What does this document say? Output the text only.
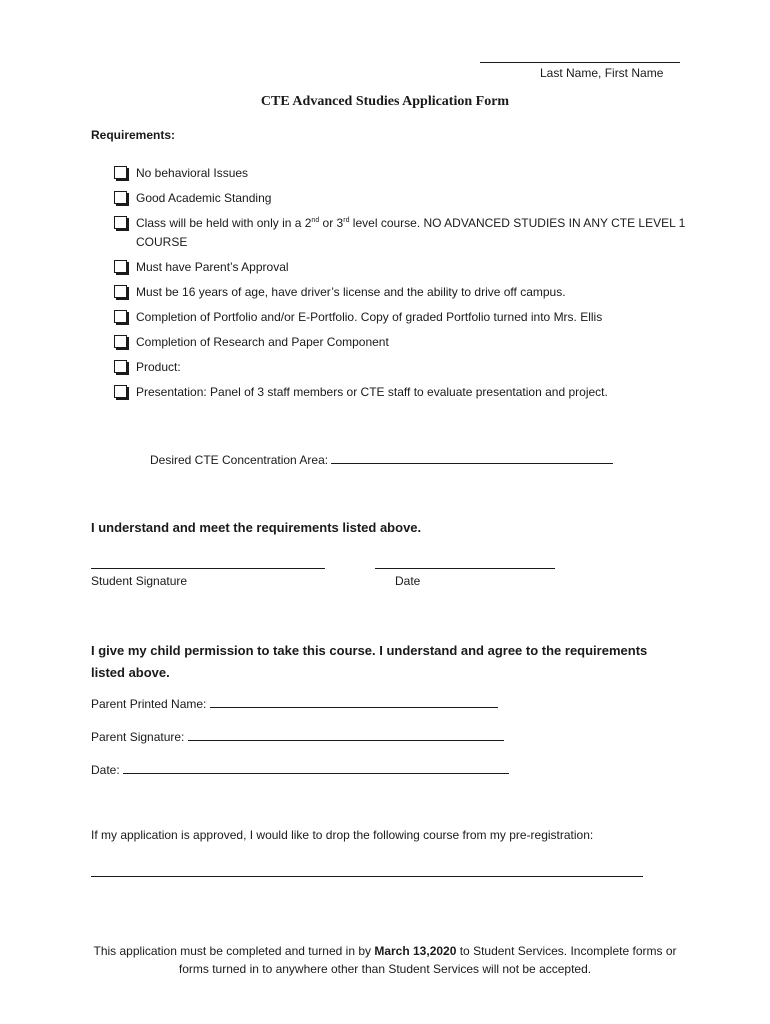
Last Name, First Name
CTE Advanced Studies Application Form
Requirements:
No behavioral Issues
Good Academic Standing
Class will be held with only in a 2nd or 3rd level course. NO ADVANCED STUDIES IN ANY CTE LEVEL 1 COURSE
Must have Parent’s Approval
Must be 16 years of age, have driver’s license and the ability to drive off campus.
Completion of Portfolio and/or E-Portfolio. Copy of graded Portfolio turned into Mrs. Ellis
Completion of Research and Paper Component
Product:
Presentation: Panel of 3 staff members or CTE staff to evaluate presentation and project.
Desired CTE Concentration Area:
I understand and meet the requirements listed above.
Student Signature	Date
I give my child permission to take this course. I understand and agree to the requirements listed above.
Parent Printed Name:
Parent Signature:
Date:
If my application is approved, I would like to drop the following course from my pre-registration:
This application must be completed and turned in by March 13,2020 to Student Services. Incomplete forms or forms turned in to anywhere other than Student Services will not be accepted.
